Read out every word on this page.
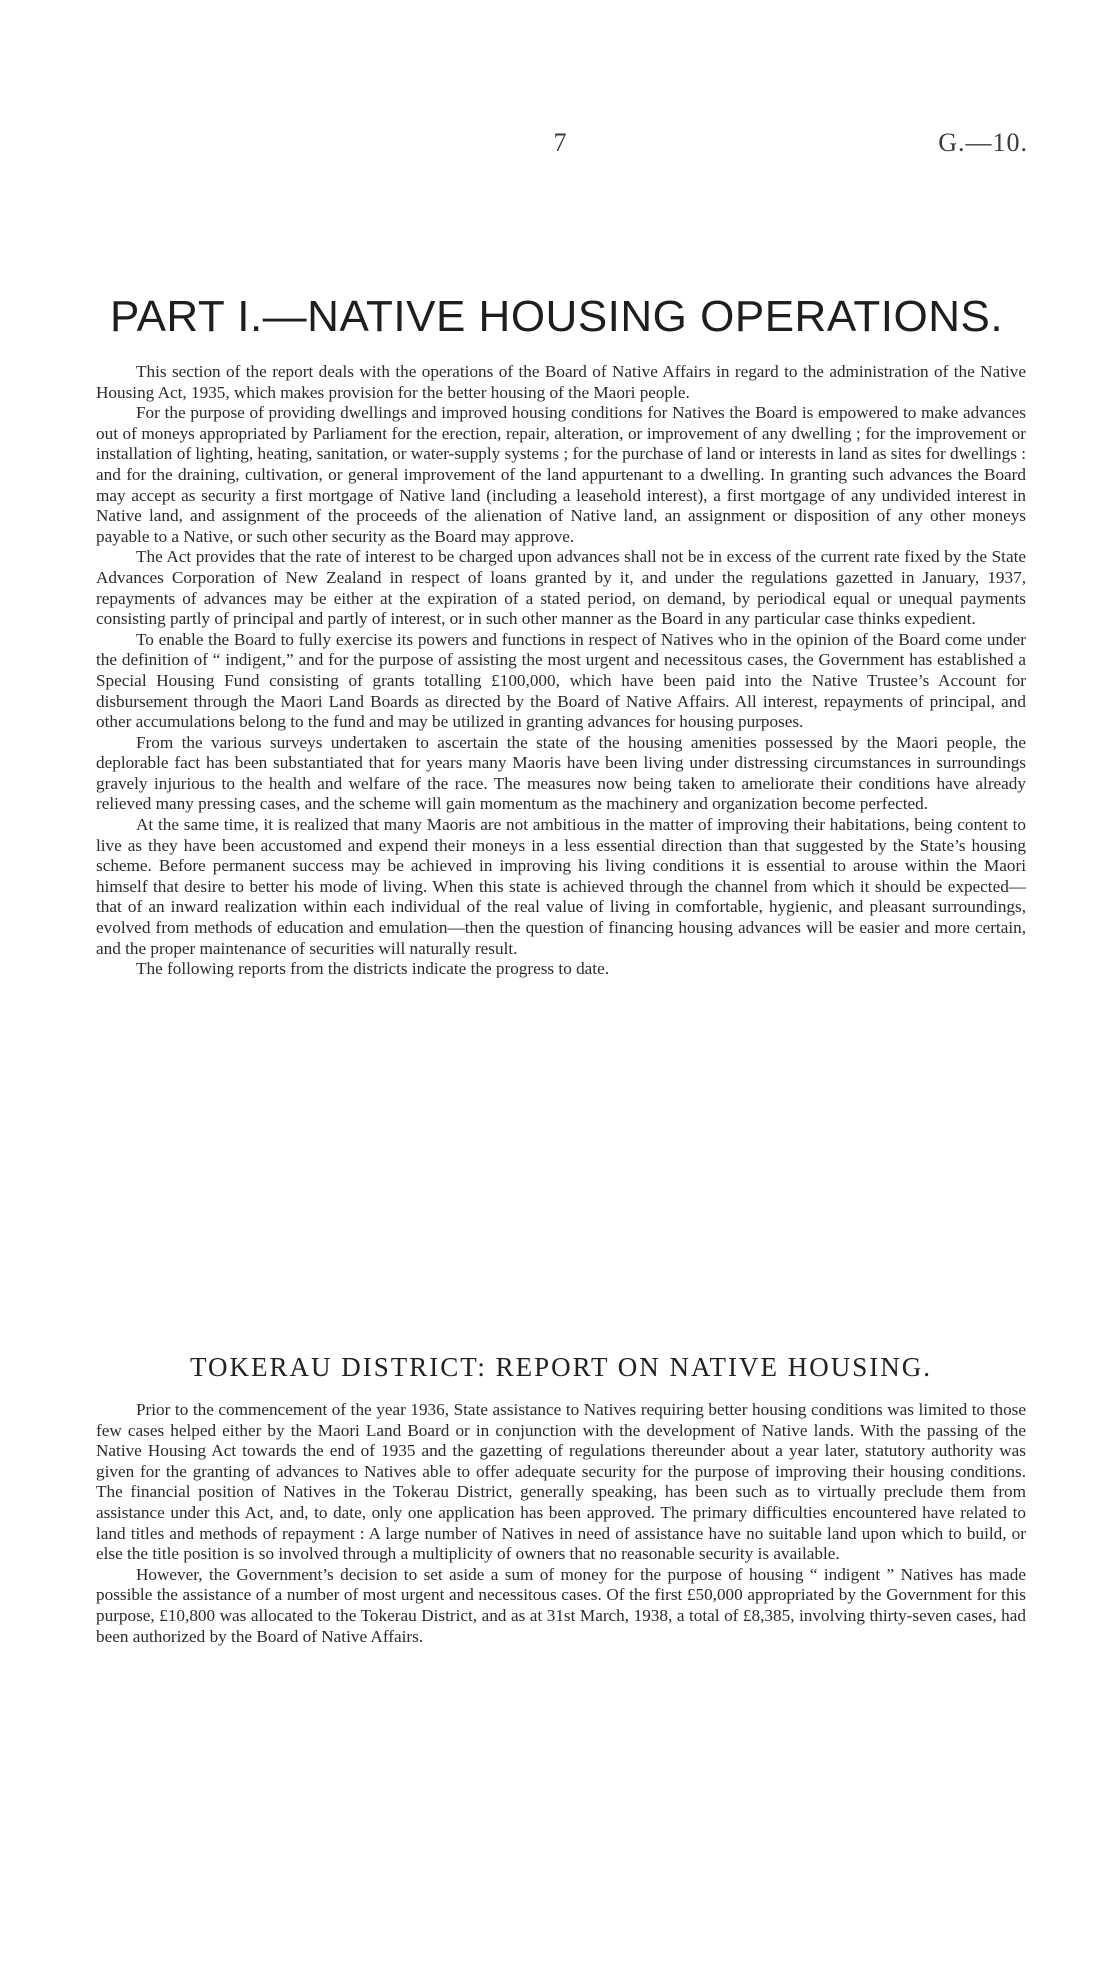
7	G.—10.
PART I.—NATIVE HOUSING OPERATIONS.

This section of the report deals with the operations of the Board of Native Affairs in regard to the administration of the Native Housing Act, 1935, which makes provision for the better housing of the Maori people.

For the purpose of providing dwellings and improved housing conditions for Natives the Board is empowered to make advances out of moneys appropriated by Parliament for the erection, repair, alteration, or improvement of any dwelling ; for the improvement or installation of lighting, heating, sanitation, or water-supply systems ; for the purchase of land or interests in land as sites for dwellings : and for the draining, cultivation, or general improvement of the land appurtenant to a dwelling. In granting such advances the Board may accept as security a first mortgage of Native land (including a leasehold interest), a first mortgage of any undivided interest in Native land, and assignment of the proceeds of the alienation of Native land, an assignment or disposition of any other moneys payable to a Native, or such other security as the Board may approve.

The Act provides that the rate of interest to be charged upon advances shall not be in excess of the current rate fixed by the State Advances Corporation of New Zealand in respect of loans granted by it, and under the regulations gazetted in January, 1937, repayments of advances may be either at the expiration of a stated period, on demand, by periodical equal or unequal payments consisting partly of principal and partly of interest, or in such other manner as the Board in any particular case thinks expedient.

To enable the Board to fully exercise its powers and functions in respect of Natives who in the opinion of the Board come under the definition of “ indigent,” and for the purpose of assisting the most urgent and necessitous cases, the Government has established a Special Housing Fund consisting of grants totalling £100,000, which have been paid into the Native Trustee’s Account for disbursement through the Maori Land Boards as directed by the Board of Native Affairs. All interest, repayments of principal, and other accumulations belong to the fund and may be utilized in granting advances for housing purposes.

From the various surveys undertaken to ascertain the state of the housing amenities possessed by the Maori people, the deplorable fact has been substantiated that for years many Maoris have been living under distressing circumstances in surroundings gravely injurious to the health and welfare of the race. The measures now being taken to ameliorate their conditions have already relieved many pressing cases, and the scheme will gain momentum as the machinery and organization become perfected.

At the same time, it is realized that many Maoris are not ambitious in the matter of improving their habitations, being content to live as they have been accustomed and expend their moneys in a less essential direction than that suggested by the State’s housing scheme. Before permanent success may be achieved in improving his living conditions it is essential to arouse within the Maori himself that desire to better his mode of living. When this state is achieved through the channel from which it should be expected—that of an inward realization within each individual of the real value of living in comfortable, hygienic, and pleasant surroundings, evolved from methods of education and emulation—then the question of financing housing advances will be easier and more certain, and the proper maintenance of securities will naturally result.

The following reports from the districts indicate the progress to date.

TOKERAU DISTRICT: REPORT ON NATIVE HOUSING.

Prior to the commencement of the year 1936, State assistance to Natives requiring better housing conditions was limited to those few cases helped either by the Maori Land Board or in conjunction with the development of Native lands. With the passing of the Native Housing Act towards the end of 1935 and the gazetting of regulations thereunder about a year later, statutory authority was given for the granting of advances to Natives able to offer adequate security for the purpose of improving their housing conditions. The financial position of Natives in the Tokerau District, generally speaking, has been such as to virtually preclude them from assistance under this Act, and, to date, only one application has been approved. The primary difficulties encountered have related to land titles and methods of repayment : A large number of Natives in need of assistance have no suitable land upon which to build, or else the title position is so involved through a multiplicity of owners that no reasonable security is available.

However, the Government’s decision to set aside a sum of money for the purpose of housing “ indigent ” Natives has made possible the assistance of a number of most urgent and necessitous cases. Of the first £50,000 appropriated by the Government for this purpose, £10,800 was allocated to the Tokerau District, and as at 31st March, 1938, a total of £8,385, involving thirty-seven cases, had been authorized by the Board of Native Affairs.
